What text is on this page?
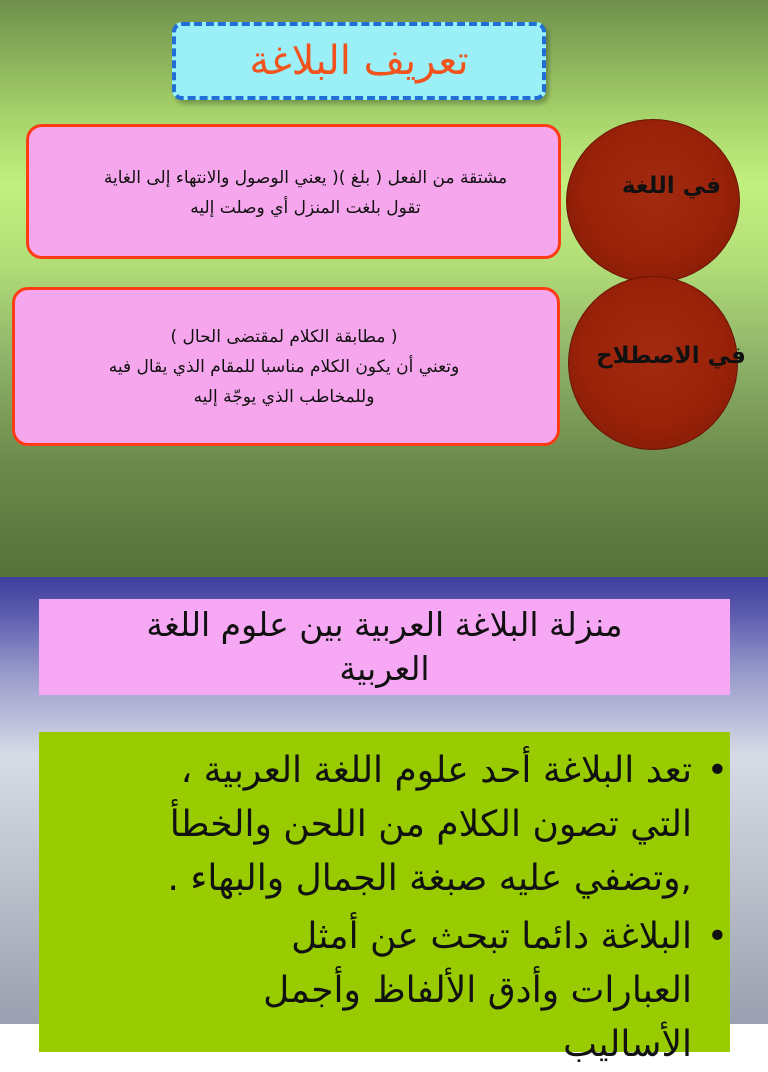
تعريف البلاغة
مشتقة من الفعل ( بلغ )( يعني الوصول والانتهاء إلى الغاية
تقول بلغت المنزل أي وصلت إليه
في اللغة
( مطابقة الكلام لمقتضى الحال )
وتعني أن يكون الكلام مناسبا للمقام الذي يقال فيه
وللمخاطب الذي يوجّة إليه
في الاصطلاح
منزلة البلاغة العربية بين علوم اللغة
العربية
•
تعد البلاغة أحد علوم اللغة العربية ،
التي تصون الكلام من اللحن والخطأ
,وتضفي عليه صبغة الجمال والبهاء .
•
البلاغة دائما تبحث عن أمثل
العبارات وأدق الألفاظ وأجمل
الأساليب
